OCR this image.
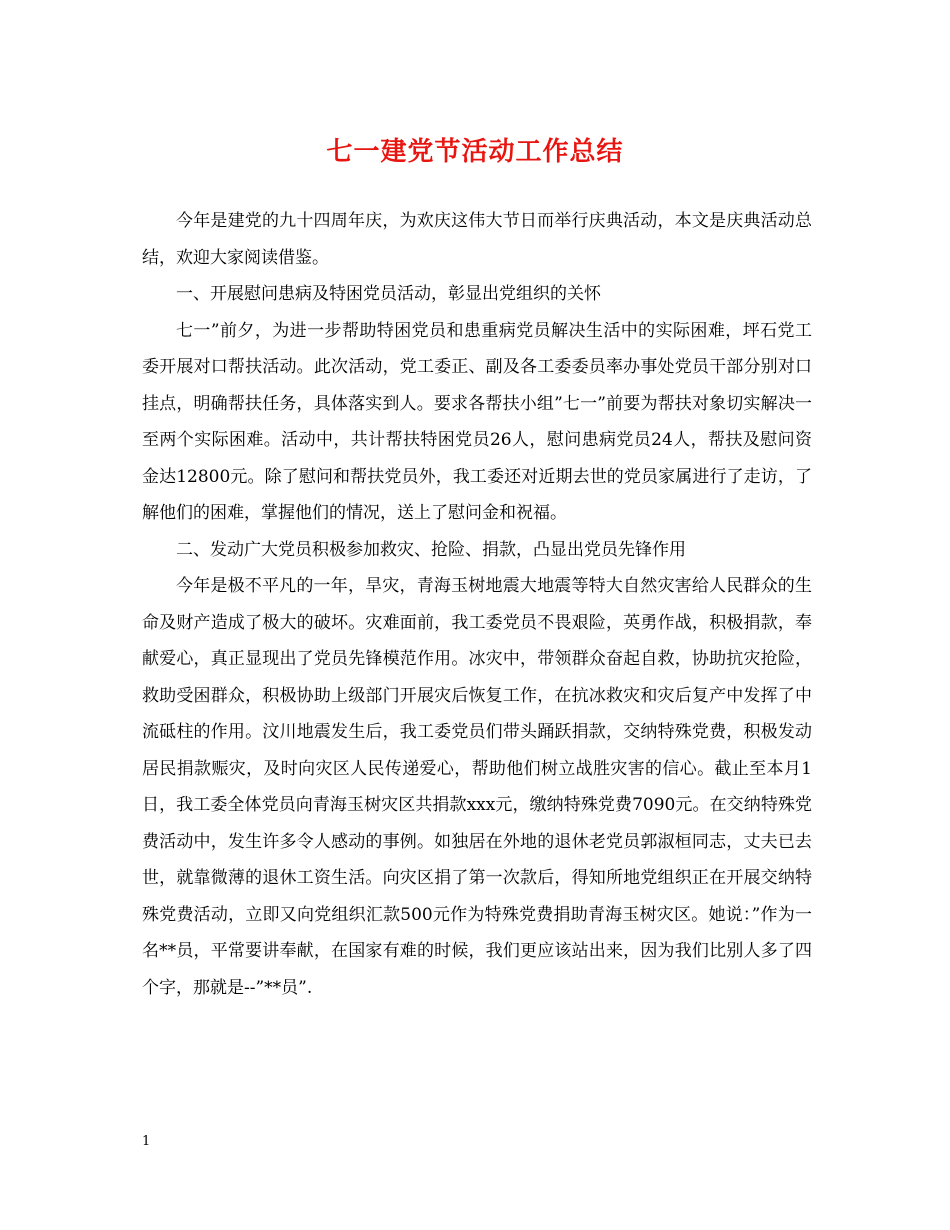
七一建党节活动工作总结

今年是建党的九十四周年庆，为欢庆这伟大节日而举行庆典活动，本文是庆典活动总结，欢迎大家阅读借鉴。

一、开展慰问患病及特困党员活动，彰显出党组织的关怀

七一”前夕，为进一步帮助特困党员和患重病党员解决生活中的实际困难，坪石党工委开展对口帮扶活动。此次活动，党工委正、副及各工委委员率办事处党员干部分别对口挂点，明确帮扶任务，具体落实到人。要求各帮扶小组”七一”前要为帮扶对象切实解决一至两个实际困难。活动中，共计帮扶特困党员26人，慰问患病党员24人，帮扶及慰问资金达12800元。除了慰问和帮扶党员外，我工委还对近期去世的党员家属进行了走访，了解他们的困难，掌握他们的情况，送上了慰问金和祝福。

二、发动广大党员积极参加救灾、抢险、捐款，凸显出党员先锋作用

今年是极不平凡的一年，旱灾，青海玉树地震大地震等特大自然灾害给人民群众的生命及财产造成了极大的破坏。灾难面前，我工委党员不畏艰险，英勇作战，积极捐款，奉献爱心，真正显现出了党员先锋模范作用。冰灾中，带领群众奋起自救，协助抗灾抢险，救助受困群众，积极协助上级部门开展灾后恢复工作，在抗冰救灾和灾后复产中发挥了中流砥柱的作用。汶川地震发生后，我工委党员们带头踊跃捐款，交纳特殊党费，积极发动居民捐款赈灾，及时向灾区人民传递爱心，帮助他们树立战胜灾害的信心。截止至本月1日，我工委全体党员向青海玉树灾区共捐款xxx元，缴纳特殊党费7090元。在交纳特殊党费活动中，发生许多令人感动的事例。如独居在外地的退休老党员郭淑桓同志，丈夫已去世，就靠微薄的退休工资生活。向灾区捐了第一次款后，得知所地党组织正在开展交纳特殊党费活动，立即又向党组织汇款500元作为特殊党费捐助青海玉树灾区。她说：”作为一名**员，平常要讲奉献，在国家有难的时候，我们更应该站出来，因为我们比别人多了四个字，那就是--”**员”.

1
